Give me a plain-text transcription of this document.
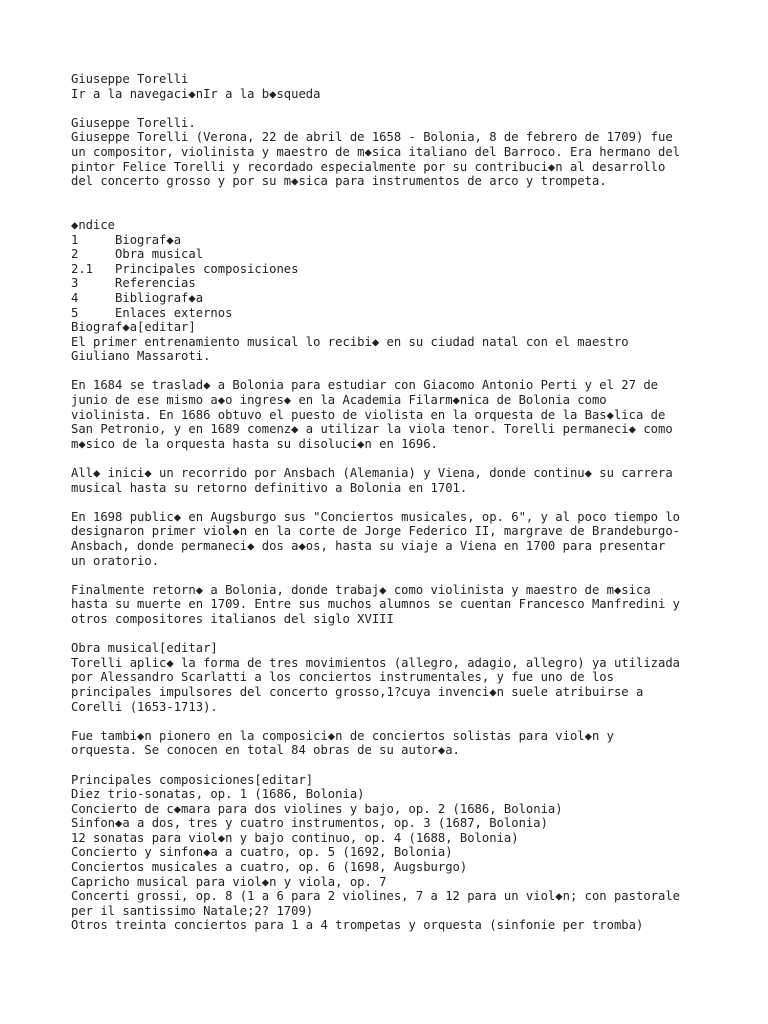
Giuseppe Torelli
Ir a la navegaci◆nIr a la b◆squeda
Giuseppe Torelli.
Giuseppe Torelli (Verona, 22 de abril de 1658 - Bolonia, 8 de febrero de 1709) fue
un compositor, violinista y maestro de m◆sica italiano del Barroco. Era hermano del
pintor Felice Torelli y recordado especialmente por su contribuci◆n al desarrollo
del concerto grosso y por su m◆sica para instrumentos de arco y trompeta.
◆ndice
1     Biograf◆a
2     Obra musical
2.1   Principales composiciones
3     Referencias
4     Bibliograf◆a
5     Enlaces externos
Biograf◆a[editar]
El primer entrenamiento musical lo recibi◆ en su ciudad natal con el maestro
Giuliano Massaroti.
En 1684 se traslad◆ a Bolonia para estudiar con Giacomo Antonio Perti y el 27 de
junio de ese mismo a◆o ingres◆ en la Academia Filarm◆nica de Bolonia como
violinista. En 1686 obtuvo el puesto de violista en la orquesta de la Bas◆lica de
San Petronio, y en 1689 comenz◆ a utilizar la viola tenor. Torelli permaneci◆ como
m◆sico de la orquesta hasta su disoluci◆n en 1696.
All◆ inici◆ un recorrido por Ansbach (Alemania) y Viena, donde continu◆ su carrera
musical hasta su retorno definitivo a Bolonia en 1701.
En 1698 public◆ en Augsburgo sus "Conciertos musicales, op. 6", y al poco tiempo lo
designaron primer viol◆n en la corte de Jorge Federico II, margrave de Brandeburgo-
Ansbach, donde permaneci◆ dos a◆os, hasta su viaje a Viena en 1700 para presentar
un oratorio.
Finalmente retorn◆ a Bolonia, donde trabaj◆ como violinista y maestro de m◆sica
hasta su muerte en 1709. Entre sus muchos alumnos se cuentan Francesco Manfredini y
otros compositores italianos del siglo XVIII
Obra musical[editar]
Torelli aplic◆ la forma de tres movimientos (allegro, adagio, allegro) ya utilizada
por Alessandro Scarlatti a los conciertos instrumentales, y fue uno de los
principales impulsores del concerto grosso,1?cuya invenci◆n suele atribuirse a
Corelli (1653-1713).
Fue tambi◆n pionero en la composici◆n de conciertos solistas para viol◆n y
orquesta. Se conocen en total 84 obras de su autor◆a.
Principales composiciones[editar]
Diez trio-sonatas, op. 1 (1686, Bolonia)
Concierto de c◆mara para dos violines y bajo, op. 2 (1686, Bolonia)
Sinfon◆a a dos, tres y cuatro instrumentos, op. 3 (1687, Bolonia)
12 sonatas para viol◆n y bajo continuo, op. 4 (1688, Bolonia)
Concierto y sinfon◆a a cuatro, op. 5 (1692, Bolonia)
Conciertos musicales a cuatro, op. 6 (1698, Augsburgo)
Capricho musical para viol◆n y viola, op. 7
Concerti grossi, op. 8 (1 a 6 para 2 violines, 7 a 12 para un viol◆n; con pastorale
per il santissimo Natale;2? 1709)
Otros treinta conciertos para 1 a 4 trompetas y orquesta (sinfonie per tromba)
